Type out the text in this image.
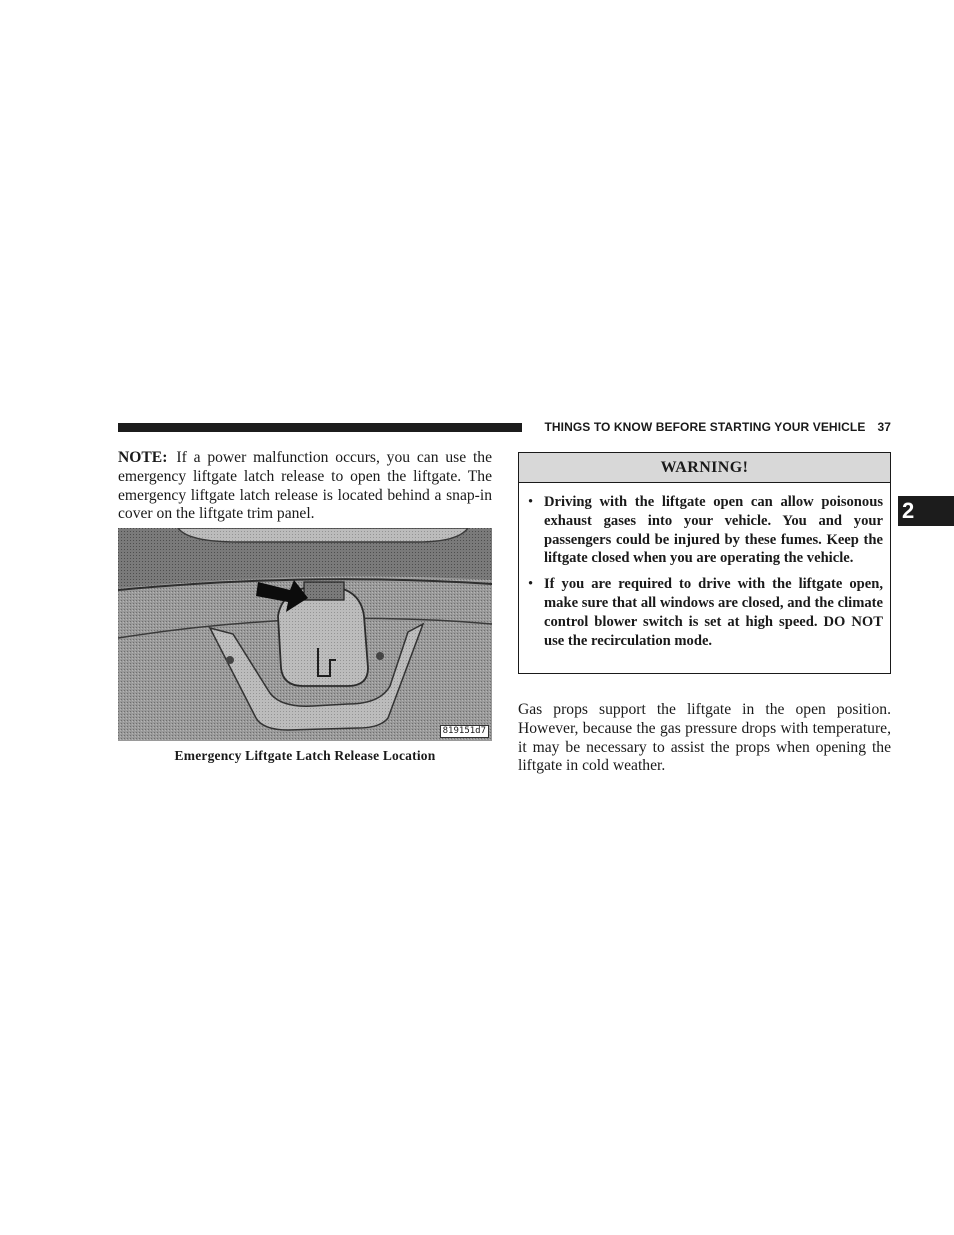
THINGS TO KNOW BEFORE STARTING YOUR VEHICLE 37
2

NOTE: If a power malfunction occurs, you can use the emergency liftgate latch release to open the liftgate. The emergency liftgate latch release is located behind a snap-in cover on the liftgate trim panel.

819151d7
Emergency Liftgate Latch Release Location
WARNING!
• Driving with the liftgate open can allow poisonous exhaust gases into your vehicle. You and your passengers could be injured by these fumes. Keep the liftgate closed when you are operating the vehicle.
• If you are required to drive with the liftgate open, make sure that all windows are closed, and the climate control blower switch is set at high speed. DO NOT use the recirculation mode.

Gas props support the liftgate in the open position. However, because the gas pressure drops with temperature, it may be necessary to assist the props when opening the liftgate in cold weather.
